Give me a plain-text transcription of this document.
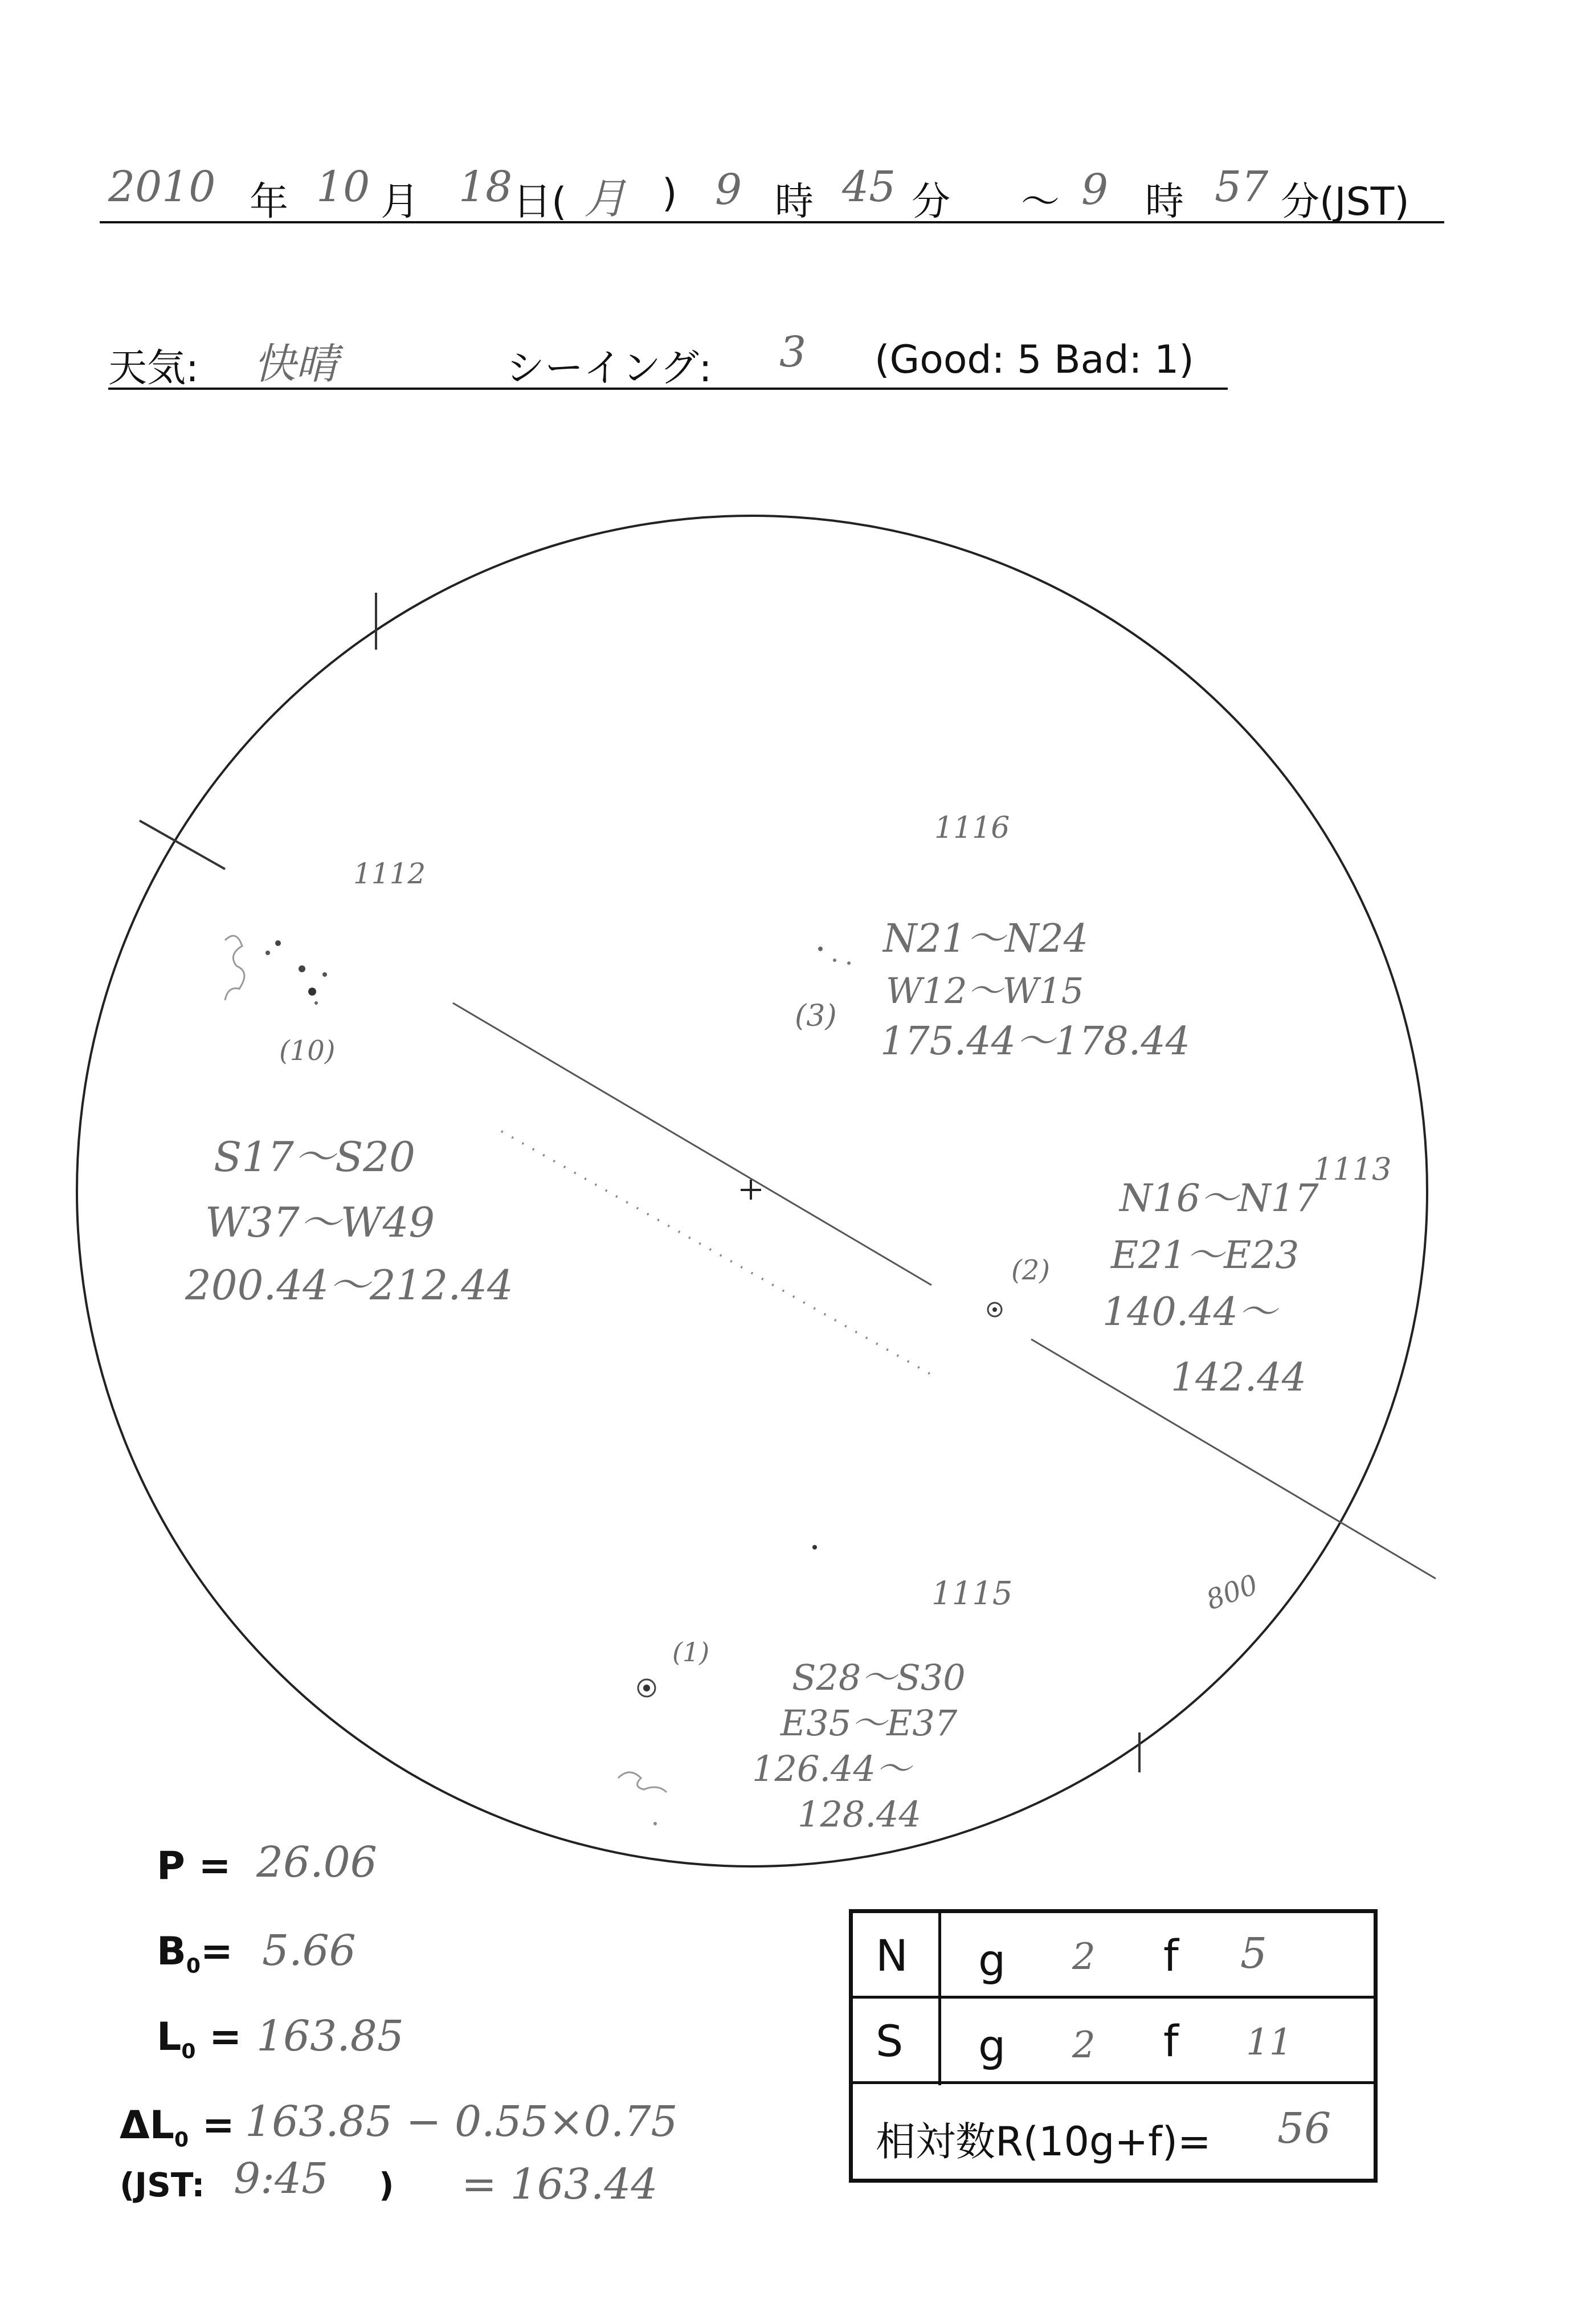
2010 年 10 月 18 日( 月 ) 9 時 45 分 ～ 9 時 57 分(JST)
天気: 快晴	シーイング: 3 (Good: 5 Bad: 1)
1112
(10)
S17～S20
W37～W49
200.44～212.44
1116
N21～N24
W12～W15
(3)
175.44～178.44
1113
N16～N17
E21～E23
(2)
140.44～
142.44
800
1115
(1)
S28～S30
E35～E37
126.44～
128.44
P = 26.06
$B_0= 5.66$
$L_0 = 163.85$
$\Delta L_0 = 163.85 - 0.55\times 0.75$
(JST: 9:45 ) = 163.44
N g 2 f 5
S g 2 f 11
相対数R(10g+f)= 56
